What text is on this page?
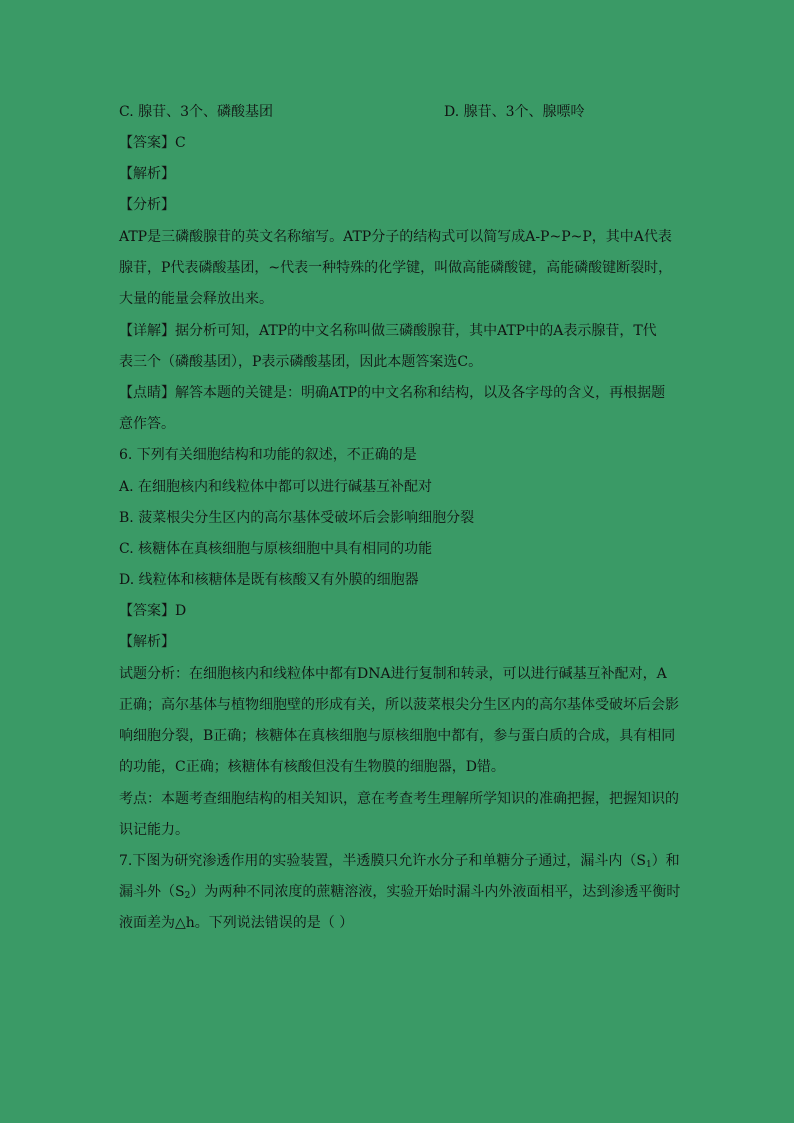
C. 腺苷、3个、磷酸基团	D. 腺苷、3个、腺嘌呤
【答案】C
【解析】
【分析】
ATP是三磷酸腺苷的英文名称缩写。ATP分子的结构式可以简写成A-P~P~P，其中A代表
腺苷，P代表磷酸基团，~代表一种特殊的化学键，叫做高能磷酸键，高能磷酸键断裂时，
大量的能量会释放出来。
【详解】据分析可知，ATP的中文名称叫做三磷酸腺苷，其中ATP中的A表示腺苷，T代
表三个（磷酸基团），P表示磷酸基团，因此本题答案选C。
【点睛】解答本题的关键是：明确ATP的中文名称和结构，以及各字母的含义，再根据题
意作答。
6. 下列有关细胞结构和功能的叙述，不正确的是
A. 在细胞核内和线粒体中都可以进行碱基互补配对
B. 菠菜根尖分生区内的高尔基体受破坏后会影响细胞分裂
C. 核糖体在真核细胞与原核细胞中具有相同的功能
D. 线粒体和核糖体是既有核酸又有外膜的细胞器
【答案】D
【解析】
试题分析：在细胞核内和线粒体中都有DNA进行复制和转录，可以进行碱基互补配对，A
正确；高尔基体与植物细胞壁的形成有关，所以菠菜根尖分生区内的高尔基体受破坏后会影
响细胞分裂，B正确；核糖体在真核细胞与原核细胞中都有，参与蛋白质的合成，具有相同
的功能，C正确；核糖体有核酸但没有生物膜的细胞器，D错。
考点：本题考查细胞结构的相关知识，意在考查考生理解所学知识的准确把握，把握知识的
识记能力。
7.下图为研究渗透作用的实验装置，半透膜只允许水分子和单糖分子通过，漏斗内$(S_1)$和
漏斗外$(S_2)$为两种不同浓度的蔗糖溶液，实验开始时漏斗内外液面相平，达到渗透平衡时
液面差为△h。下列说法错误的是（ ）
